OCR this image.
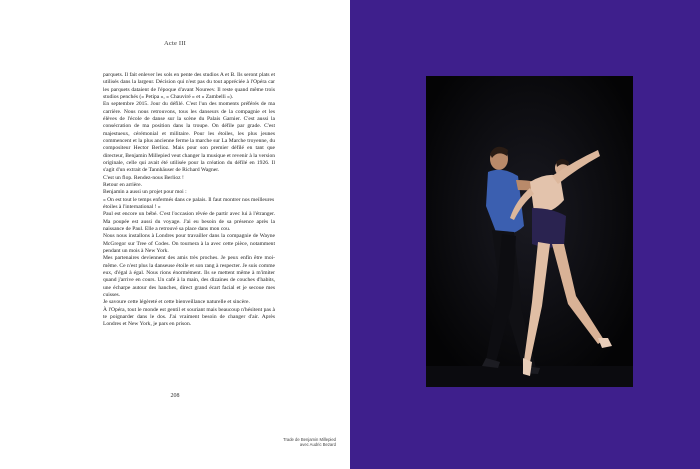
Acte III

parquets. Il fait enlever les sols en pente des studios A et B. Ils seront plats et utilisés dans la largeur. Décision qui n'est pas du tout appréciée à l'Opéra car les parquets dataient de l'époque d'avant Noureev. Il reste quand même trois studios penchés (« Petipa », « Chauviré » et « Zambelli »).

En septembre 2015. Jour du défilé. C'est l'un des moments préférés de ma carrière. Nous nous retrouvons, tous les danseurs de la compagnie et les élèves de l'école de danse sur la scène du Palais Garnier. C'est aussi la consécration de ma position dans la troupe. On défile par grade. C'est majestueux, cérémonial et militaire. Pour les étoiles, les plus jeunes commencent et la plus ancienne ferme la marche sur La Marche troyenne, du compositeur Hector Berlioz. Mais pour son premier défilé en tant que directeur, Benjamin Millepied veut changer la musique et revenir à la version originale, celle qui avait été utilisée pour la création du défilé en 1926. Il s'agit d'un extrait de Tannhäuser de Richard Wagner.

C'est un flop. Rendez-nous Berlioz !

Retour en arrière.

Benjamin a aussi un projet pour moi :

« On est tout le temps enfermés dans ce palais. Il faut montrer nos meilleures étoiles à l'international ! »

Paul est encore un bébé. C'est l'occasion rêvée de partir avec lui à l'étranger. Ma poupée est aussi du voyage. J'ai eu besoin de sa présence après la naissance de Paul. Elle a retrouvé sa place dans mon cou.

Nous nous installons à Londres pour travailler dans la compagnie de Wayne McGregor sur Tree of Codes. On tournera à la avec cette pièce, notamment pendant un mois à New York.

Mes partenaires deviennent des amis très proches. Je peux enfin être moi-même. Ce n'est plus la danseuse étoile et son rang à respecter. Je suis comme eux, d'égal à égal. Nous rions énormément. Ils se mettent même à m'imiter quand j'arrive en cours. Un café à la main, des dizaines de couches d'habits, une écharpe autour des hanches, direct grand écart facial et je secoue mes cuisses.

Je savoure cette légèreté et cette bienveillance naturelle et sincère.

À l'Opéra, tout le monde est gentil et souriant mais beaucoup n'hésitent pas à te poignarder dans le dos. J'ai vraiment besoin de changer d'air. Après Londres et New York, je pars en prison.

208
Trade de Benjamin Millepied
avec Audric Bezard
